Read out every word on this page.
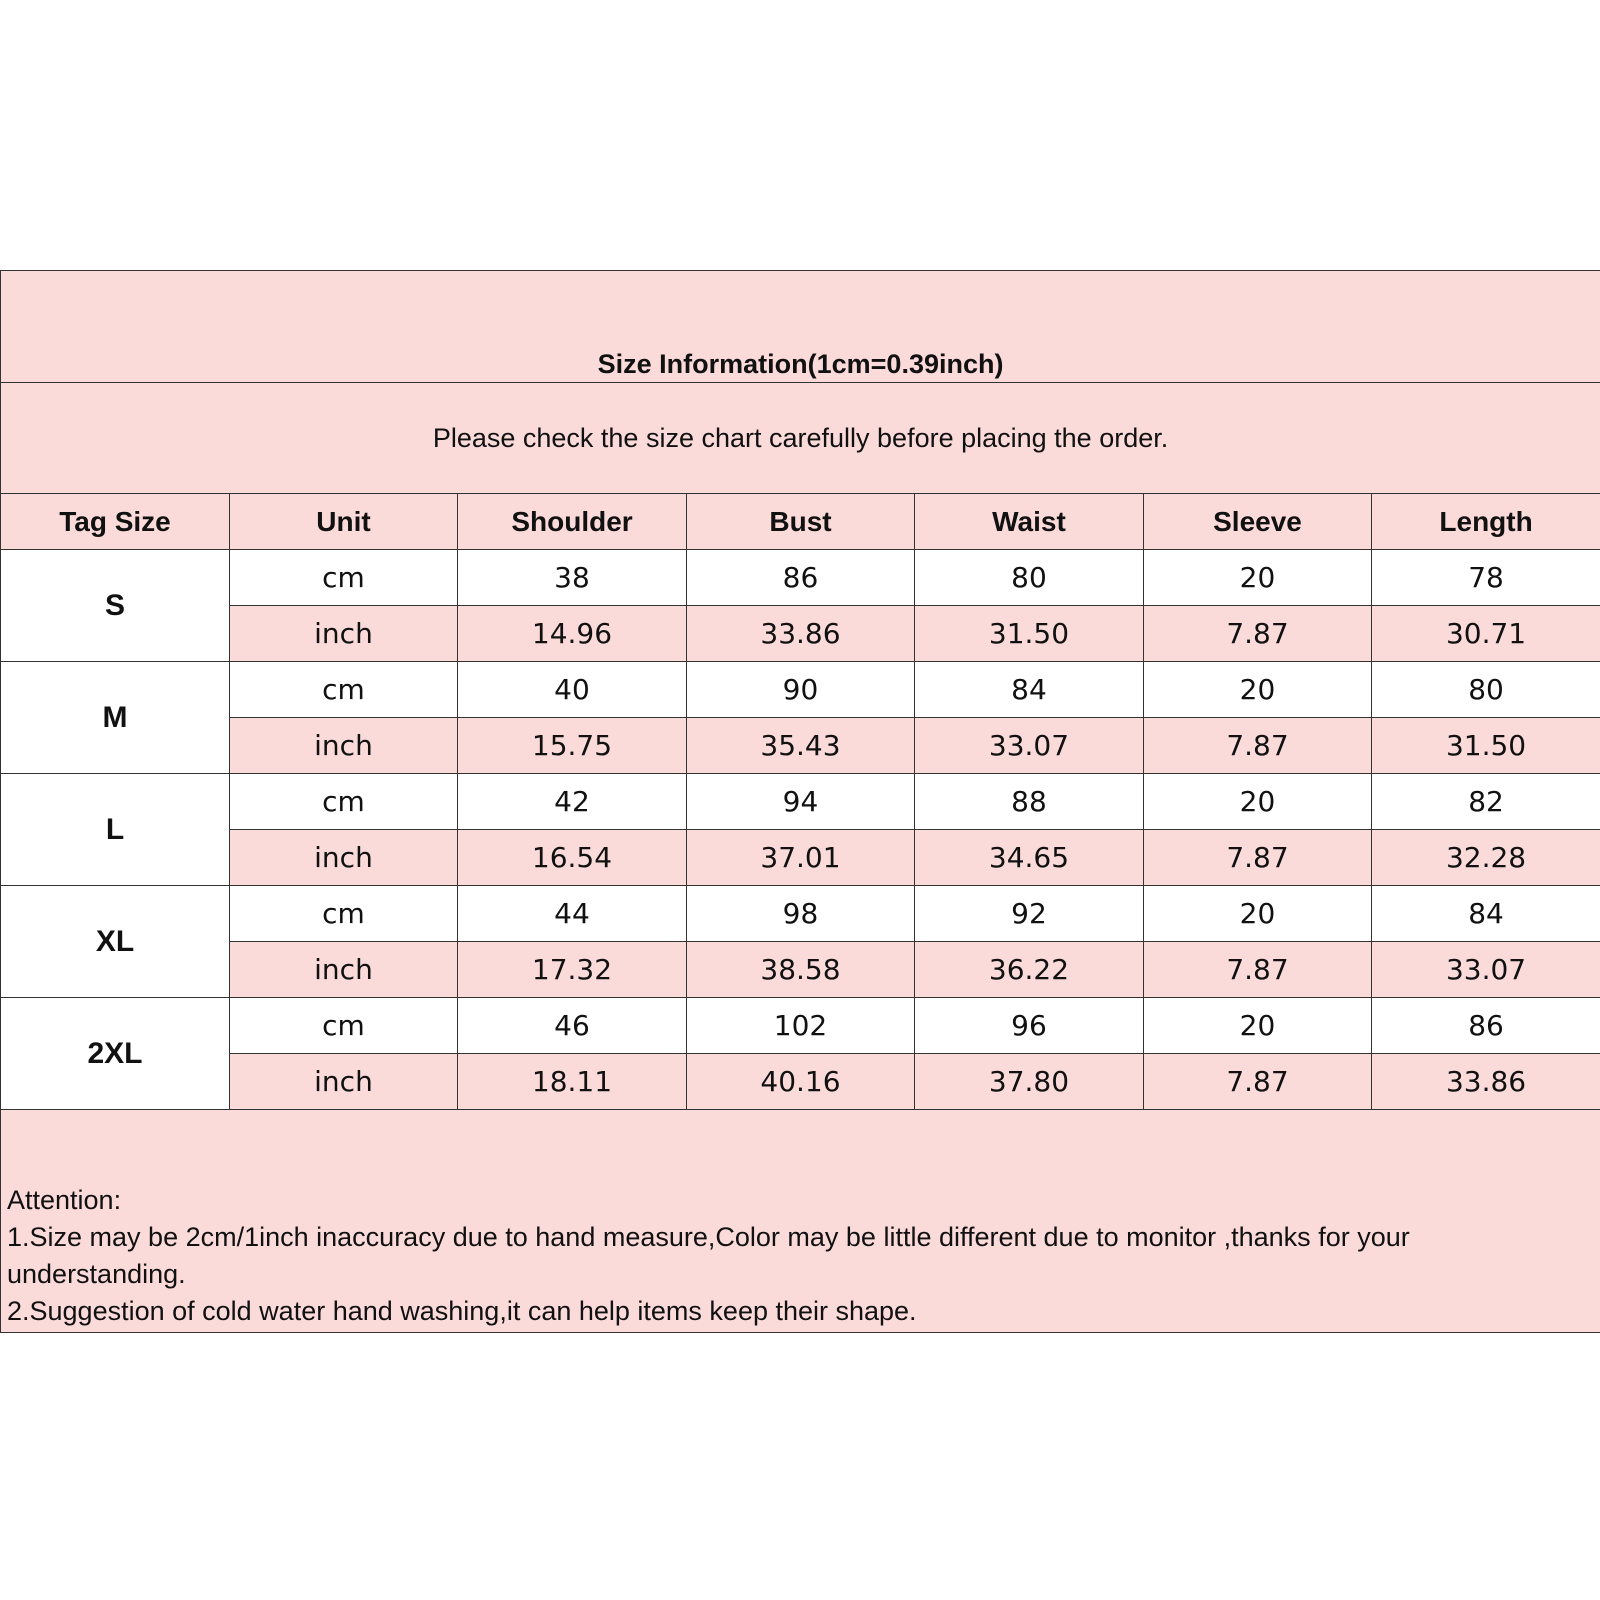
Size Information(1cm=0.39inch)						
Please check the size chart carefully before placing the order.						
Tag Size	Unit	Shoulder	Bust	Waist	Sleeve	Length
S	cm	38	86	80	20	78
	inch	14.96	33.86	31.50	7.87	30.71
M	cm	40	90	84	20	80
	inch	15.75	35.43	33.07	7.87	31.50
L	cm	42	94	88	20	82
	inch	16.54	37.01	34.65	7.87	32.28
XL	cm	44	98	92	20	84
	inch	17.32	38.58	36.22	7.87	33.07
2XL	cm	46	102	96	20	86
	inch	18.11	40.16	37.80	7.87	33.86

Attention:
1.Size may be 2cm/1inch inaccuracy due to hand measure,Color may be little different due to monitor ,thanks for your understanding.
2.Suggestion of cold water hand washing,it can help items keep their shape.						
